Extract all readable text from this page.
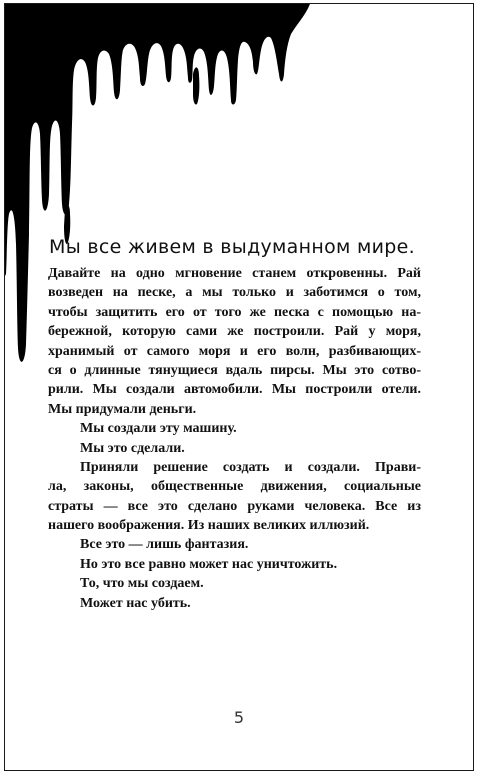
Мы все живем в выдуманном мире.
Давайте на одно мгновение станем откровенны. Рай
возведен на песке, а мы только и заботимся о том,
чтобы защитить его от того же песка с помощью на-
бережной, которую сами же построили. Рай у моря,
хранимый от самого моря и его волн, разбивающих-
ся о длинные тянущиеся вдаль пирсы. Мы это сотво-
рили. Мы создали автомобили. Мы построили отели.
Мы придумали деньги.
Мы создали эту машину.
Мы это сделали.
Приняли решение создать и создали. Прави-
ла, законы, общественные движения, социальные
страты — все это сделано руками человека. Все из
нашего воображения. Из наших великих иллюзий.
Все это — лишь фантазия.
Но это все равно может нас уничтожить.
То, что мы создаем.
Может нас убить.
5
